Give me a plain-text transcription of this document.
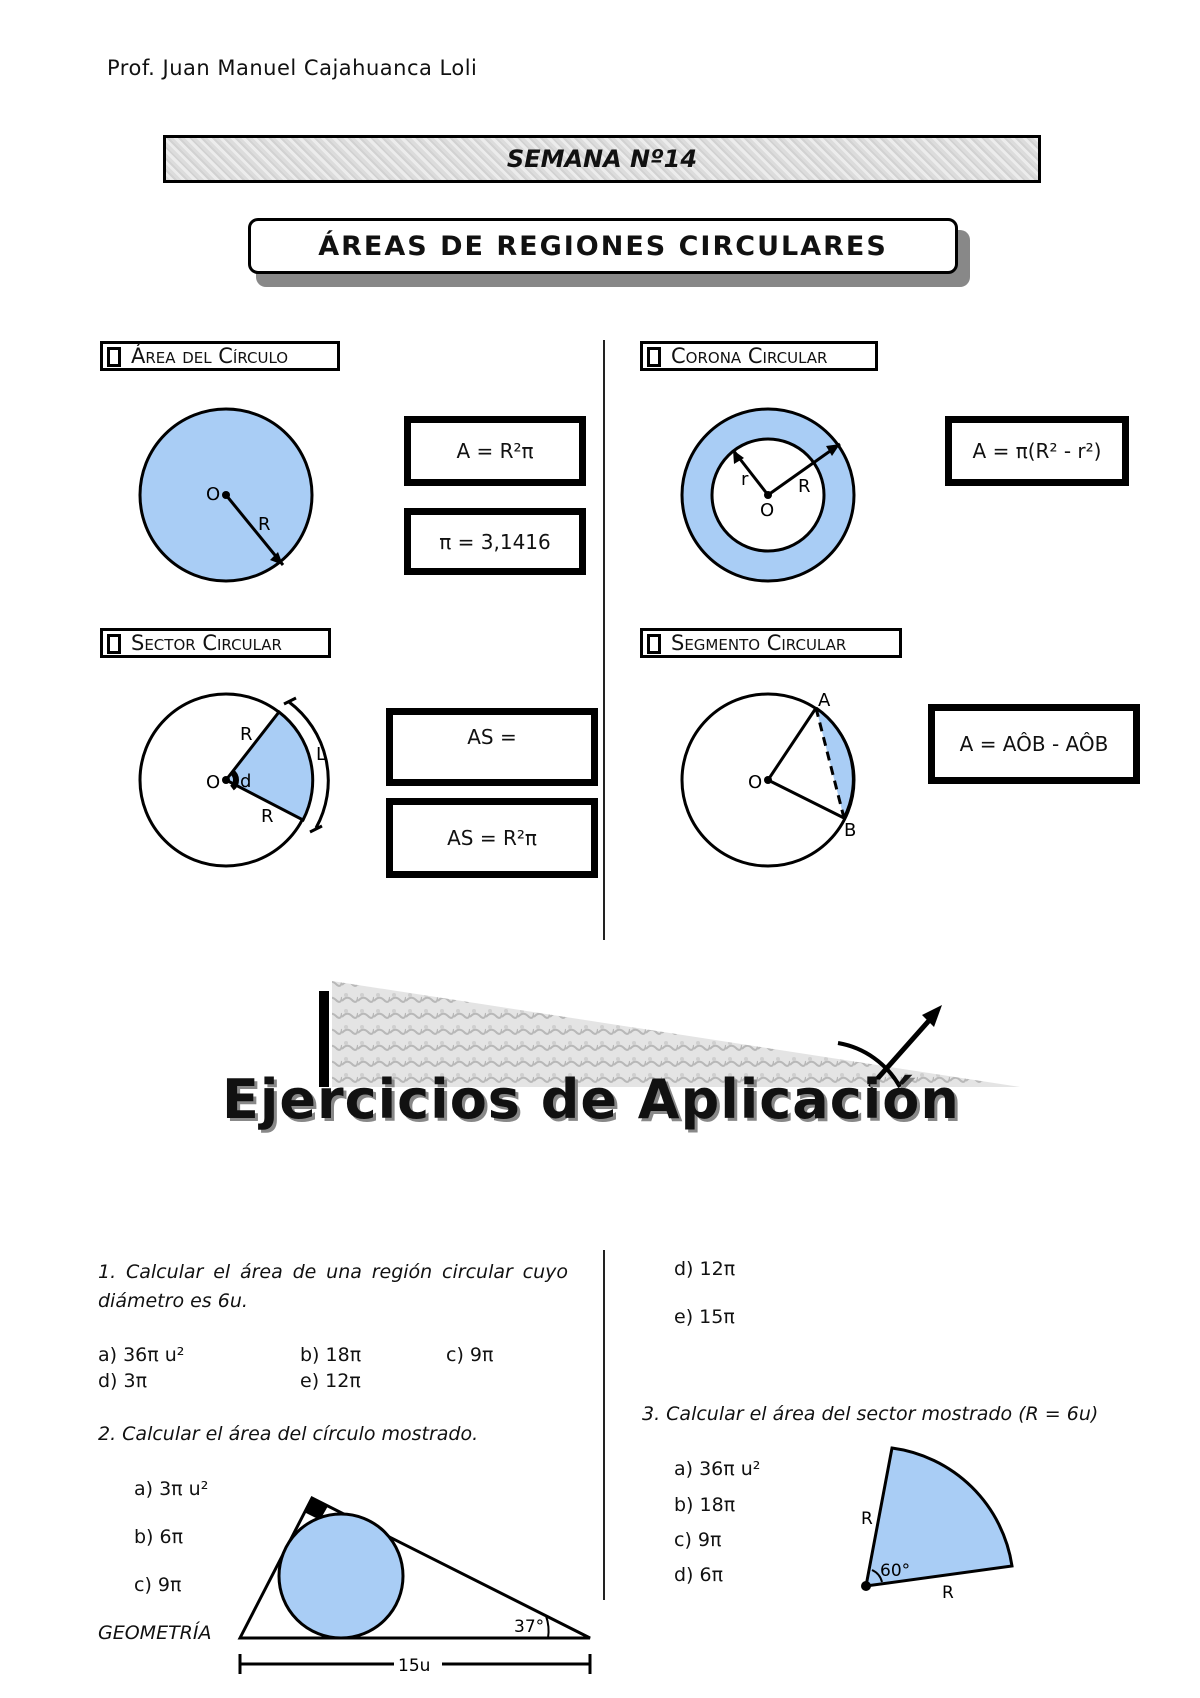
Prof. Juan Manuel Cajahuanca Loli
SEMANA Nº14
ÁREAS DE REGIONES CIRCULARES
Área del Círculo
O
R
A = R²π
π = 3,1416
Corona Circular
r	R
O
A = π(R² - r²)
Sector Circular
O d
R
R
L
AS =
AS = R²π
Segmento Circular
O
A
B
A = AÔB - AÔB
Ejercicios de Aplicación
1. Calcular el área de una región circular cuyo diámetro es 6u.
a) 36π u²	b) 18π	c) 9π
d) 3π	e) 12π
2. Calcular el área del círculo mostrado.
a) 3π u²
b) 6π
c) 9π
d) 12π
e) 15π
37°
15u
3. Calcular el área del sector mostrado (R = 6u)
a) 36π u²
b) 18π
c) 9π
d) 6π	60°
R
R
GEOMETRÍA
